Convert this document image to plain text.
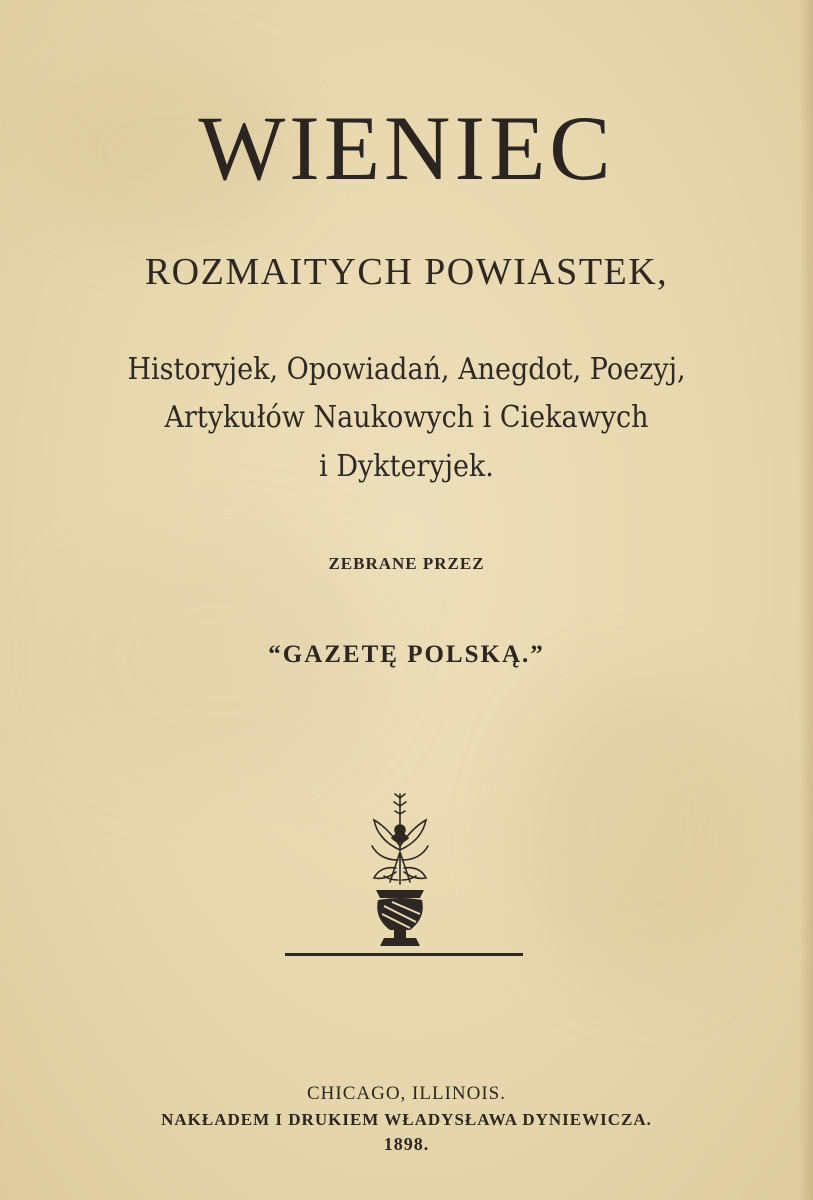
WIENIEC
ROZMAITYCH POWIASTEK,
Historyjek, Opowiadań, Anegdot, Poezyj,
Artykułów Naukowych i Ciekawych
i Dykteryjek.
ZEBRANE PRZEZ
“GAZETĘ POLSKĄ.”
CHICAGO, ILLINOIS.
NAKŁADEM I DRUKIEM WŁADYSŁAWA DYNIEWICZA.
1898.
